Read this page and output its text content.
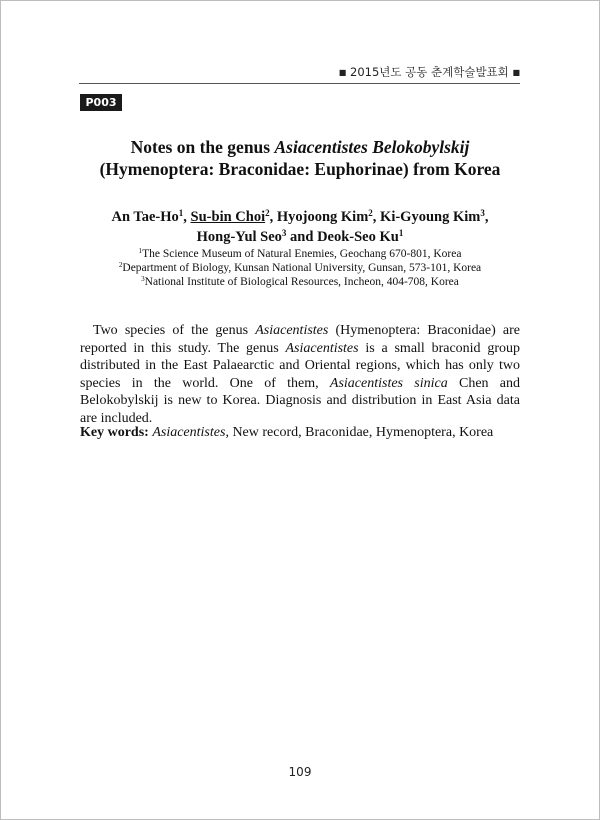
■ 2015년도 공동 춘계학술발표회 ■
P003
Notes on the genus Asiacentistes Belokobylskij
(Hymenoptera: Braconidae: Euphorinae) from Korea
An Tae-Ho$^1$, Su-bin Choi$^2$, Hyojoong Kim$^2$, Ki-Gyoung Kim$^3$,
Hong-Yul Seo$^3$ and Deok-Seo Ku$^1$
$^1$The Science Museum of Natural Enemies, Geochang 670-801, Korea
$^2$Department of Biology, Kunsan National University, Gunsan, 573-101, Korea
$^3$National Institute of Biological Resources, Incheon, 404-708, Korea
Two species of the genus Asiacentistes (Hymenoptera: Braconidae) are reported in this study. The genus Asiacentistes is a small braconid group distributed in the East Palaearctic and Oriental regions, which has only two species in the world. One of them, Asiacentistes sinica Chen and Belokobylskij is new to Korea. Diagnosis and distribution in East Asia data are included.
Key words: Asiacentistes, New record, Braconidae, Hymenoptera, Korea
109
